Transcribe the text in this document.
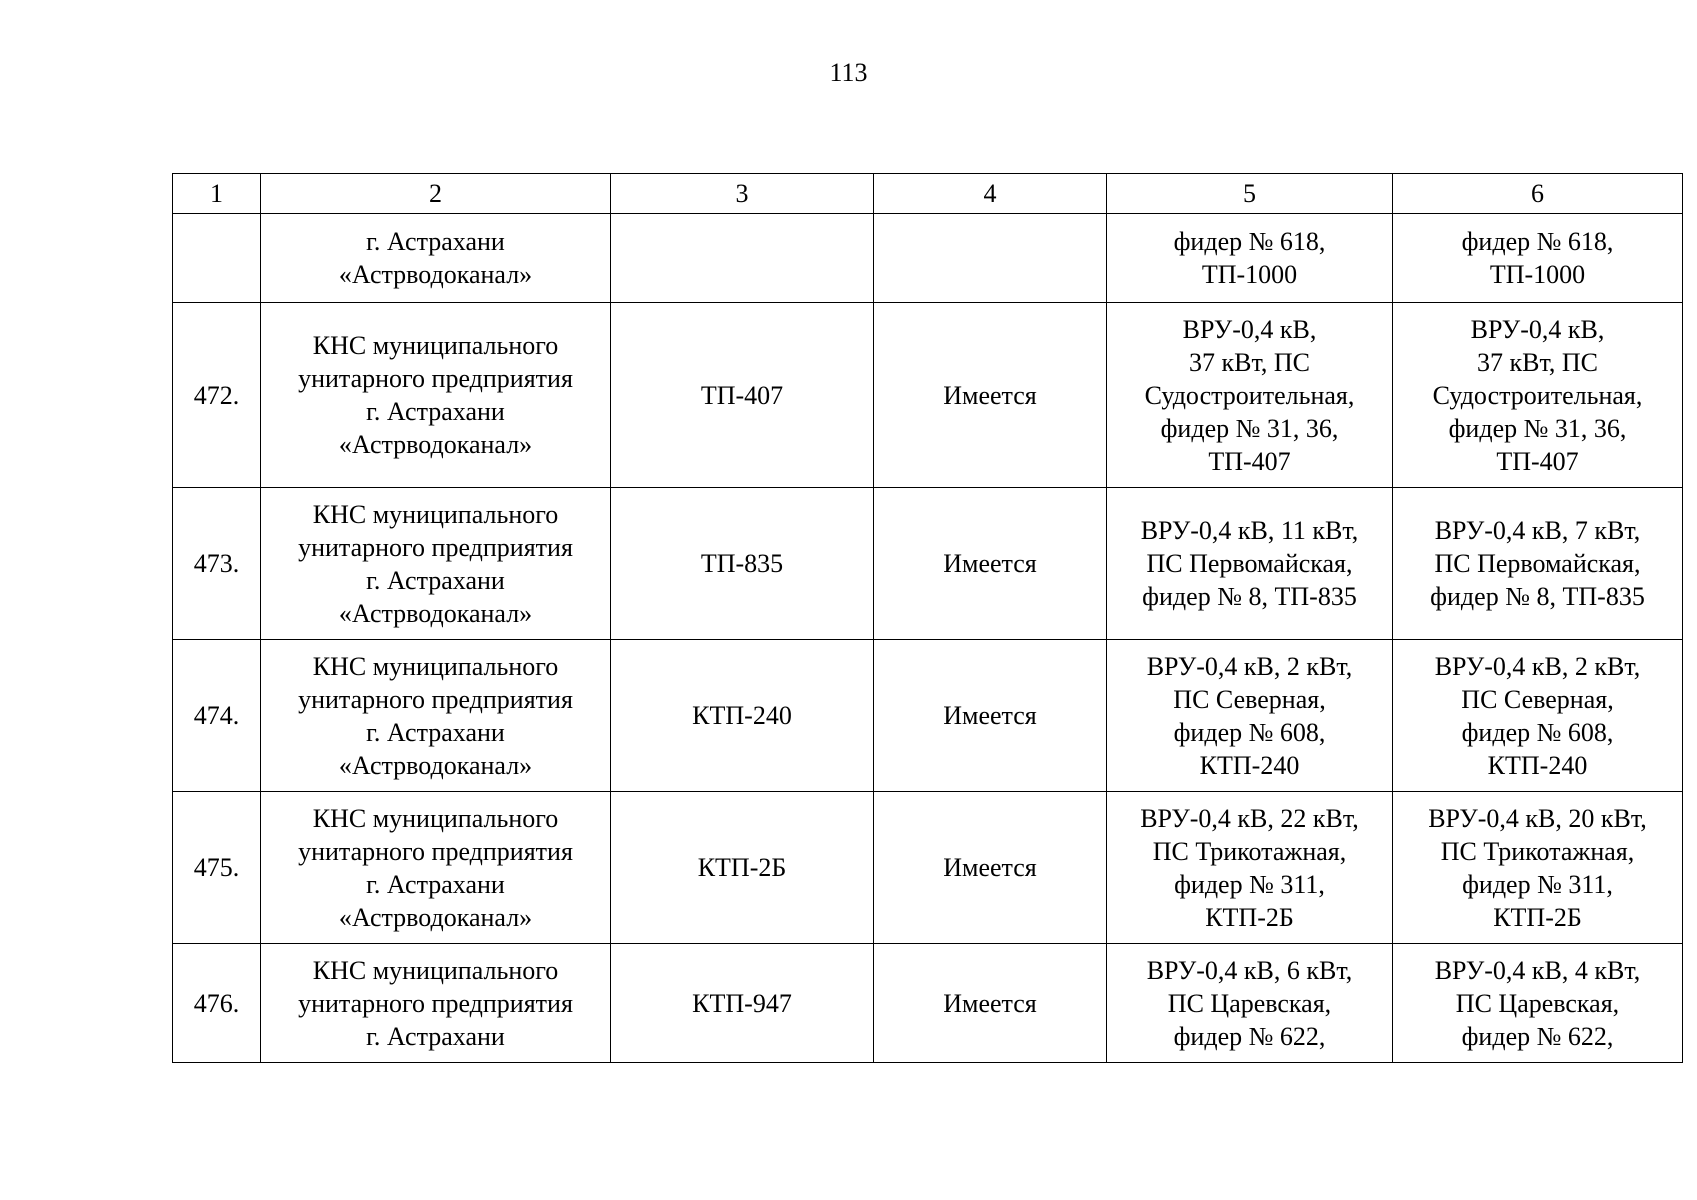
113
1	2	3	4	5	6

	г. Астрахани
«Астрводоканал»			фидер № 618,
ТП-1000	фидер № 618,
ТП-1000

472.	КНС муниципального
унитарного предприятия
г. Астрахани
«Астрводоканал»	ТП-407	Имеется	ВРУ-0,4 кВ,
37 кВт, ПС
Судостроительная,
фидер № 31, 36,
ТП-407	ВРУ-0,4 кВ,
37 кВт, ПС
Судостроительная,
фидер № 31, 36,
ТП-407

473.	КНС муниципального
унитарного предприятия
г. Астрахани
«Астрводоканал»	ТП-835	Имеется	ВРУ-0,4 кВ, 11 кВт,
ПС Первомайская,
фидер № 8, ТП-835	ВРУ-0,4 кВ, 7 кВт,
ПС Первомайская,
фидер № 8, ТП-835

474.	КНС муниципального
унитарного предприятия
г. Астрахани
«Астрводоканал»	КТП-240	Имеется	ВРУ-0,4 кВ, 2 кВт,
ПС Северная,
фидер № 608,
КТП-240	ВРУ-0,4 кВ, 2 кВт,
ПС Северная,
фидер № 608,
КТП-240

475.	КНС муниципального
унитарного предприятия
г. Астрахани
«Астрводоканал»	КТП-2Б	Имеется	ВРУ-0,4 кВ, 22 кВт,
ПС Трикотажная,
фидер № 311,
КТП-2Б	ВРУ-0,4 кВ, 20 кВт,
ПС Трикотажная,
фидер № 311,
КТП-2Б

476.	КНС муниципального
унитарного предприятия
г. Астрахани	КТП-947	Имеется	ВРУ-0,4 кВ, 6 кВт,
ПС Царевская,
фидер № 622,	ВРУ-0,4 кВ, 4 кВт,
ПС Царевская,
фидер № 622,
